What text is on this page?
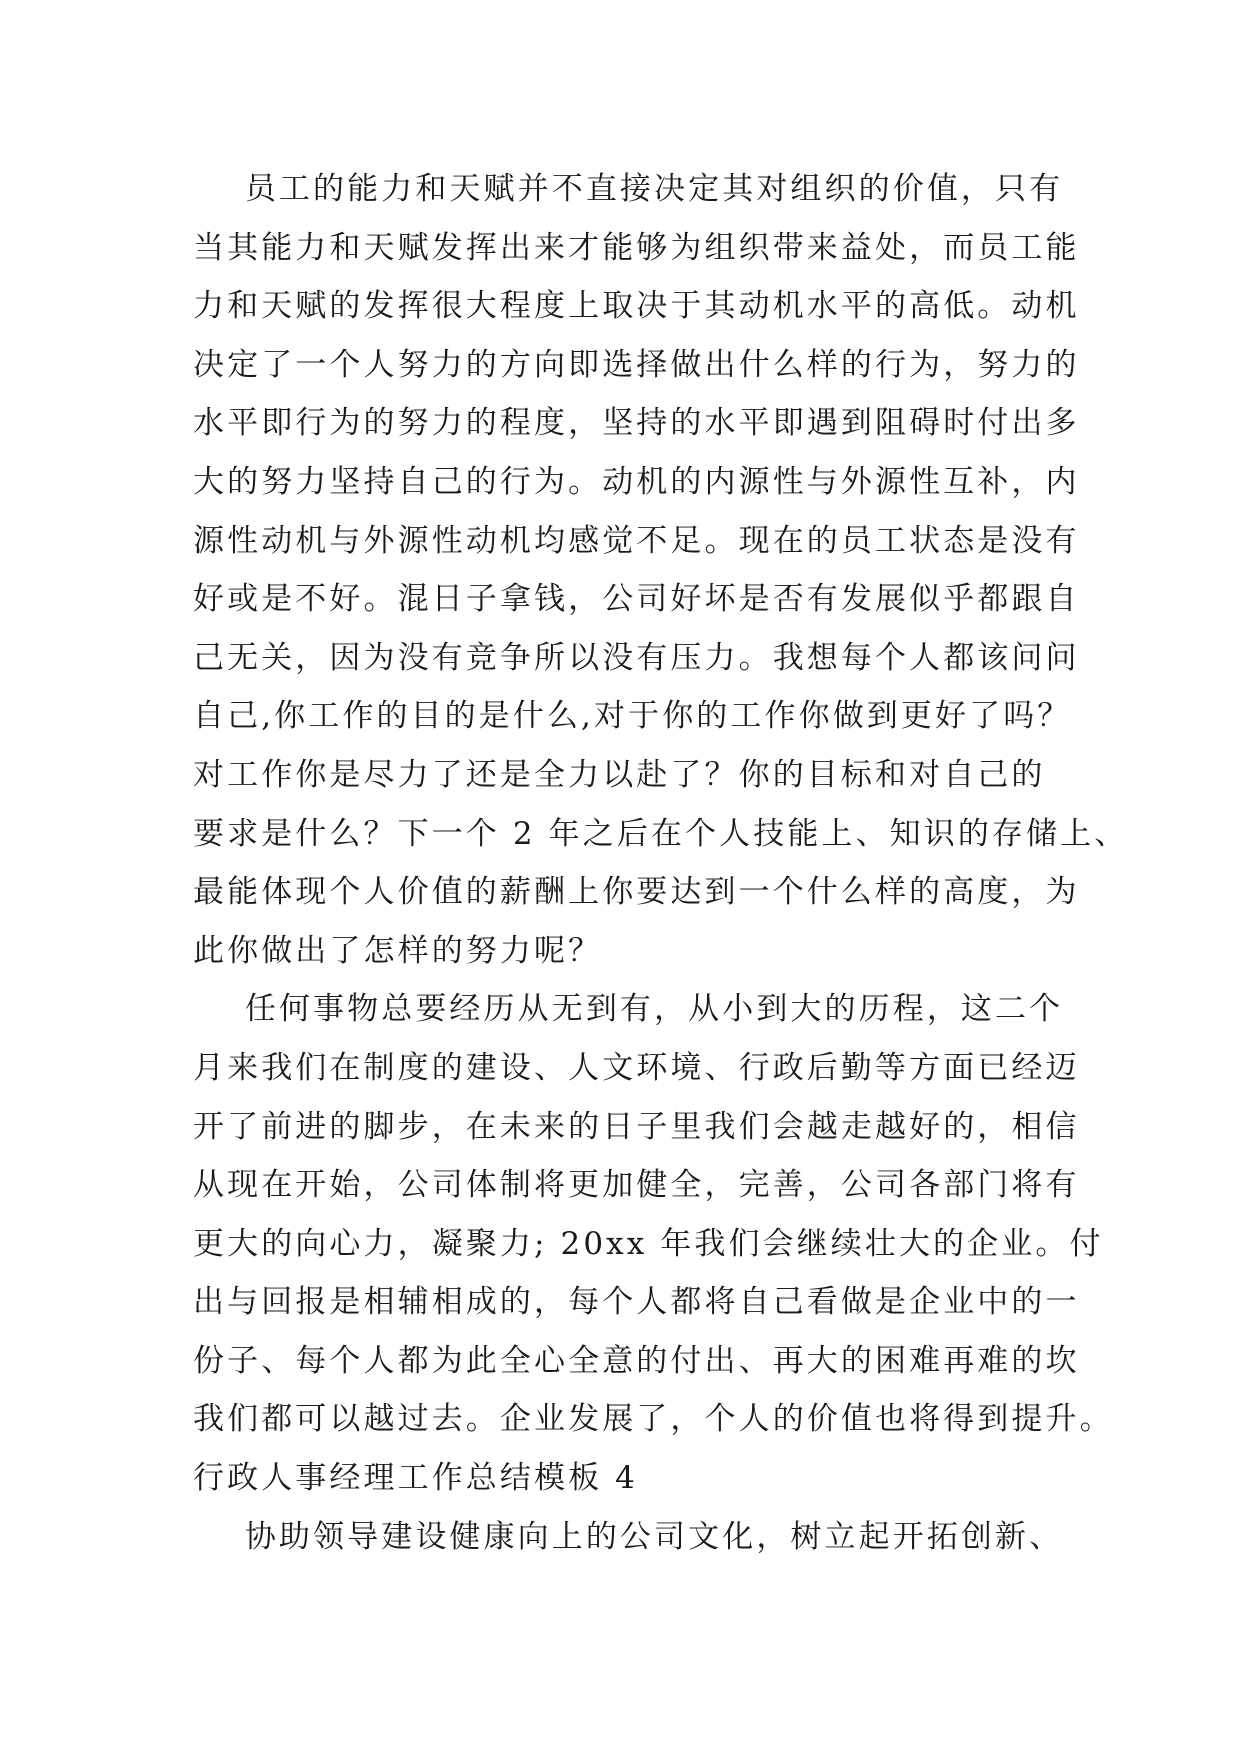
员工的能力和天赋并不直接决定其对组织的价值，只有
当其能力和天赋发挥出来才能够为组织带来益处，而员工能
力和天赋的发挥很大程度上取决于其动机水平的高低。动机
决定了一个人努力的方向即选择做出什么样的行为，努力的
水平即行为的努力的程度，坚持的水平即遇到阻碍时付出多
大的努力坚持自己的行为。动机的内源性与外源性互补，内
源性动机与外源性动机均感觉不足。现在的员工状态是没有
好或是不好。混日子拿钱，公司好坏是否有发展似乎都跟自
己无关，因为没有竞争所以没有压力。我想每个人都该问问
自己,你工作的目的是什么,对于你的工作你做到更好了吗？
对工作你是尽力了还是全力以赴了？你的目标和对自己的
要求是什么？下一个 2 年之后在个人技能上、知识的存储上、
最能体现个人价值的薪酬上你要达到一个什么样的高度，为
此你做出了怎样的努力呢？
任何事物总要经历从无到有，从小到大的历程，这二个
月来我们在制度的建设、人文环境、行政后勤等方面已经迈
开了前进的脚步，在未来的日子里我们会越走越好的，相信
从现在开始，公司体制将更加健全，完善，公司各部门将有
更大的向心力，凝聚力; 20xx 年我们会继续壮大的企业。付
出与回报是相辅相成的，每个人都将自己看做是企业中的一
份子、每个人都为此全心全意的付出、再大的困难再难的坎
我们都可以越过去。企业发展了，个人的价值也将得到提升。
行政人事经理工作总结模板 4
协助领导建设健康向上的公司文化，树立起开拓创新、
